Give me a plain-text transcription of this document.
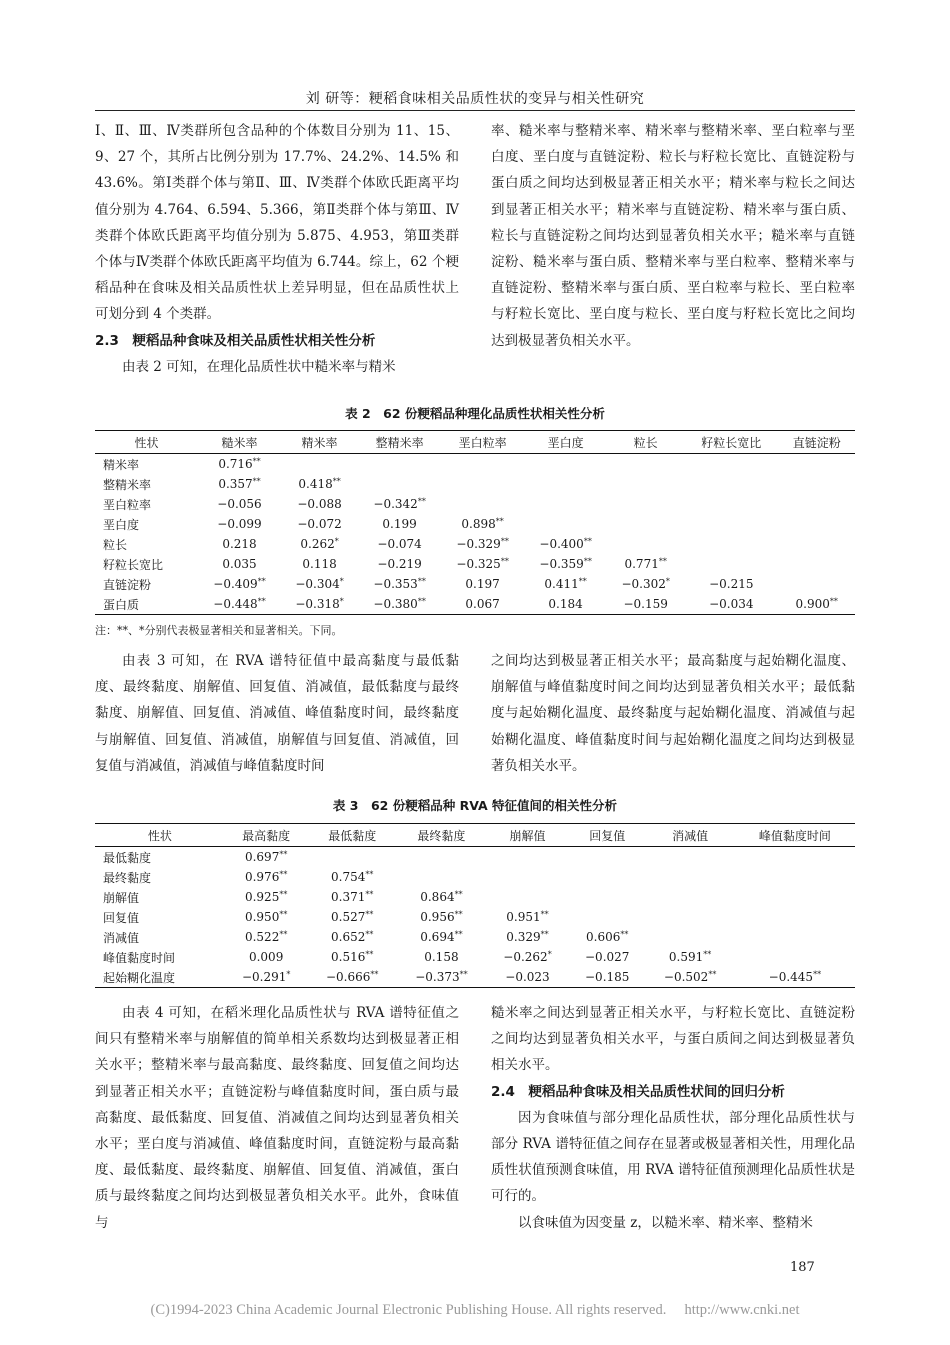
刘 研等：粳稻食味相关品质性状的变异与相关性研究

Ⅰ、Ⅱ、Ⅲ、Ⅳ类群所包含品种的个体数目分别为 11、15、9、27 个，其所占比例分别为 17.7%、24.2%、14.5% 和 43.6%。第Ⅰ类群个体与第Ⅱ、Ⅲ、Ⅳ类群个体欧氏距离平均值分别为 4.764、6.594、5.366，第Ⅱ类群个体与第Ⅲ、Ⅳ类群个体欧氏距离平均值分别为 5.875、4.953，第Ⅲ类群个体与Ⅳ类群个体欧氏距离平均值为 6.744。综上，62 个粳稻品种在食味及相关品质性状上差异明显，但在品质性状上可划分到 4 个类群。

2.3　粳稻品种食味及相关品质性状相关性分析

由表 2 可知，在理化品质性状中糙米率与精米

率、糙米率与整精米率、精米率与整精米率、垩白粒率与垩白度、垩白度与直链淀粉、粒长与籽粒长宽比、直链淀粉与蛋白质之间均达到极显著正相关水平；精米率与粒长之间达到显著正相关水平；精米率与直链淀粉、精米率与蛋白质、粒长与直链淀粉之间均达到显著负相关水平；糙米率与直链淀粉、糙米率与蛋白质、整精米率与垩白粒率、整精米率与直链淀粉、整精米率与蛋白质、垩白粒率与粒长、垩白粒率与籽粒长宽比、垩白度与粒长、垩白度与籽粒长宽比之间均达到极显著负相关水平。

表 2　62 份粳稻品种理化品质性状相关性分析
性状	糙米率	精米率	整精米率	垩白粒率	垩白度	粒长	籽粒长宽比	直链淀粉
精米率	0.716**							
整精米率	0.357**	0.418**						
垩白粒率	−0.056	−0.088	−0.342**					
垩白度	−0.099	−0.072	0.199	0.898**				
粒长	0.218	0.262*	−0.074	−0.329**	−0.400**			
籽粒长宽比	0.035	0.118	−0.219	−0.325**	−0.359**	0.771**		
直链淀粉	−0.409**	−0.304*	−0.353**	0.197	0.411**	−0.302*	−0.215	
蛋白质	−0.448**	−0.318*	−0.380**	0.067	0.184	−0.159	−0.034	0.900**
注：**、*分别代表极显著相关和显著相关。下同。

由表 3 可知，在 RVA 谱特征值中最高黏度与最低黏度、最终黏度、崩解值、回复值、消减值，最低黏度与最终黏度、崩解值、回复值、消减值、峰值黏度时间，最终黏度与崩解值、回复值、消减值，崩解值与回复值、消减值，回复值与消减值，消减值与峰值黏度时间

之间均达到极显著正相关水平；最高黏度与起始糊化温度、崩解值与峰值黏度时间之间均达到显著负相关水平；最低黏度与起始糊化温度、最终黏度与起始糊化温度、消减值与起始糊化温度、峰值黏度时间与起始糊化温度之间均达到极显著负相关水平。

表 3　62 份粳稻品种 RVA 特征值间的相关性分析
性状	最高黏度	最低黏度	最终黏度	崩解值	回复值	消减值	峰值黏度时间
最低黏度	0.697**						
最终黏度	0.976**	0.754**					
崩解值	0.925**	0.371**	0.864**				
回复值	0.950**	0.527**	0.956**	0.951**			
消减值	0.522**	0.652**	0.694**	0.329**	0.606**		
峰值黏度时间	0.009	0.516**	0.158	−0.262*	−0.027	0.591**	
起始糊化温度	−0.291*	−0.666**	−0.373**	−0.023	−0.185	−0.502**	−0.445**

由表 4 可知，在稻米理化品质性状与 RVA 谱特征值之间只有整精米率与崩解值的简单相关系数均达到极显著正相关水平；整精米率与最高黏度、最终黏度、回复值之间均达到显著正相关水平；直链淀粉与峰值黏度时间，蛋白质与最高黏度、最低黏度、回复值、消减值之间均达到显著负相关水平；垩白度与消减值、峰值黏度时间，直链淀粉与最高黏度、最低黏度、最终黏度、崩解值、回复值、消减值，蛋白质与最终黏度之间均达到极显著负相关水平。此外，食味值与

糙米率之间达到显著正相关水平，与籽粒长宽比、直链淀粉之间均达到显著负相关水平，与蛋白质间之间达到极显著负相关水平。

2.4　粳稻品种食味及相关品质性状间的回归分析

因为食味值与部分理化品质性状，部分理化品质性状与部分 RVA 谱特征值之间存在显著或极显著相关性，用理化品质性状值预测食味值，用 RVA 谱特征值预测理化品质性状是可行的。

以食味值为因变量 z，以糙米率、精米率、整精米

187
(C)1994-2023 China Academic Journal Electronic Publishing House. All rights reserved.　 http://www.cnki.net
